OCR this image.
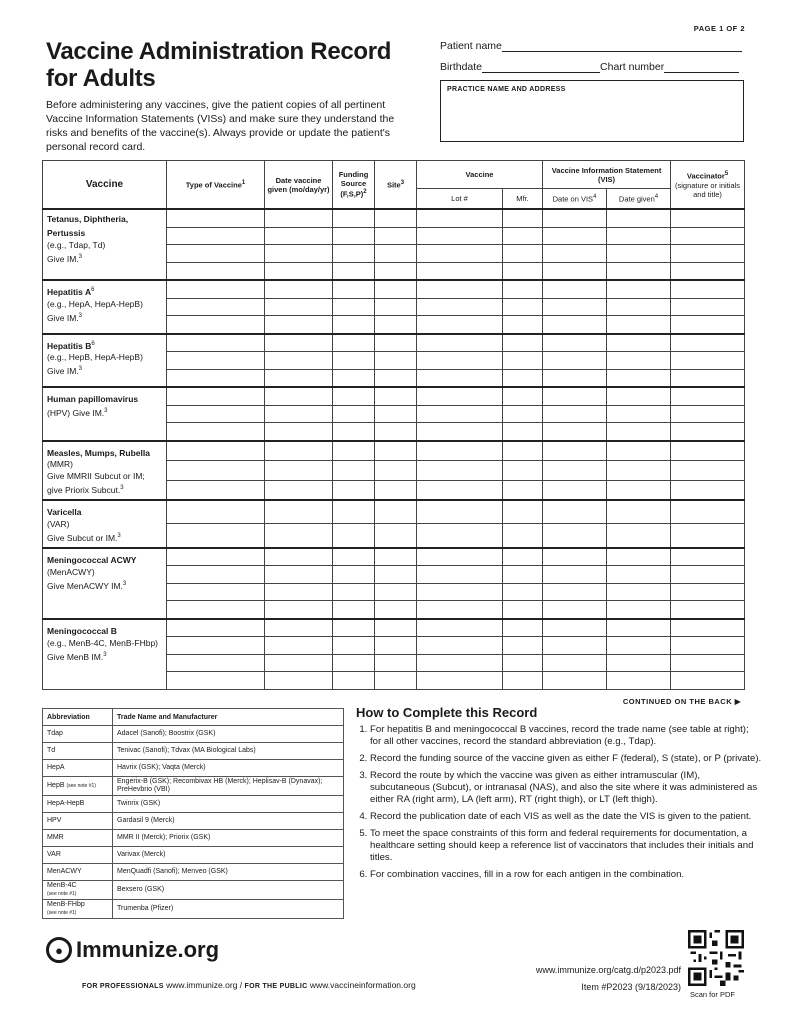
PAGE 1 OF 2
Vaccine Administration Record
for Adults
Before administering any vaccines, give the patient copies of all pertinent Vaccine Information Statements (VISs) and make sure they understand the risks and benefits of the vaccine(s). Always provide or update the patient's personal record card.
Patient name
Birthdate	Chart number
PRACTICE NAME AND ADDRESS
Vaccine	Type of Vaccine$^1$	Date vaccine given (mo/day/yr)	Funding Source $(F,S,P)^2$	Site$^3$	Vaccine		Vaccine Information Statement (VIS)		Vaccinator$^5$
(signature or initials and title)
					Lot #	Mfr.	Date on VIS$^4$	Date given$^4$
Tetanus, Diphtheria, Pertussis
(e.g., Tdap, Td)
Give IM.$^3$									

Hepatitis $A^6$
(e.g., HepA, HepA-HepB)
Give IM.$^3$									

Hepatitis $B^6$
(e.g., HepB, HepA-HepB)
Give IM.$^3$									

Human papillomavirus
(HPV) Give IM.$^3$									

Measles, Mumps, Rubella
(MMR)
Give MMRII Subcut or IM; give Priorix Subcut.$^3$									

Varicella
(VAR)
Give Subcut or IM.$^3$									

Meningococcal ACWY
(MenACWY)
Give MenACWY IM.$^3$									

Meningococcal B
(e.g., MenB-4C, MenB-FHbp)
Give MenB IM.$^3$									

CONTINUED ON THE BACK ▶
Abbreviation	Trade Name and Manufacturer
Tdap	Adacel (Sanofi); Boostrix (GSK)
Td	Tenivac (Sanofi); Tdvax (MA Biological Labs)
HepA	Havrix (GSK); Vaqta (Merck)
HepB (see note #1)	Engerix-B (GSK); Recombivax HB (Merck); Heplisav-B (Dynavax); PreHevbrio (VBI)
HepA-HepB	Twinrix (GSK)
HPV	Gardasil 9 (Merck)
MMR	MMR II (Merck); Priorix (GSK)
VAR	Varivax (Merck)
MenACWY	MenQuadfi (Sanofi); Menveo (GSK)
MenB-4C
(see note #1)	Bexsero (GSK)
MenB-FHbp
(see note #1)	Trumenba (Pfizer)
How to Complete this Record
1. For hepatitis B and meningococcal B vaccines, record the trade name (see table at right); for all other vaccines, record the standard abbreviation (e.g., Tdap).
2. Record the funding source of the vaccine given as either F (federal), S (state), or P (private).
3. Record the route by which the vaccine was given as either intramuscular (IM), subcutaneous (Subcut), or intranasal (NAS), and also the site where it was administered as either RA (right arm), LA (left arm), RT (right thigh), or LT (left thigh).
4. Record the publication date of each VIS as well as the date the VIS is given to the patient.
5. To meet the space constraints of this form and federal requirements for documentation, a healthcare setting should keep a reference list of vaccinators that includes their initials and titles.
6. For combination vaccines, fill in a row for each antigen in the combination.
● Immunize.org
FOR PROFESSIONALS www.immunize.org / FOR THE PUBLIC www.vaccineinformation.org
www.immunize.org/catg.d/p2023.pdf
Item #P2023 (9/18/2023)
Scan for PDF
